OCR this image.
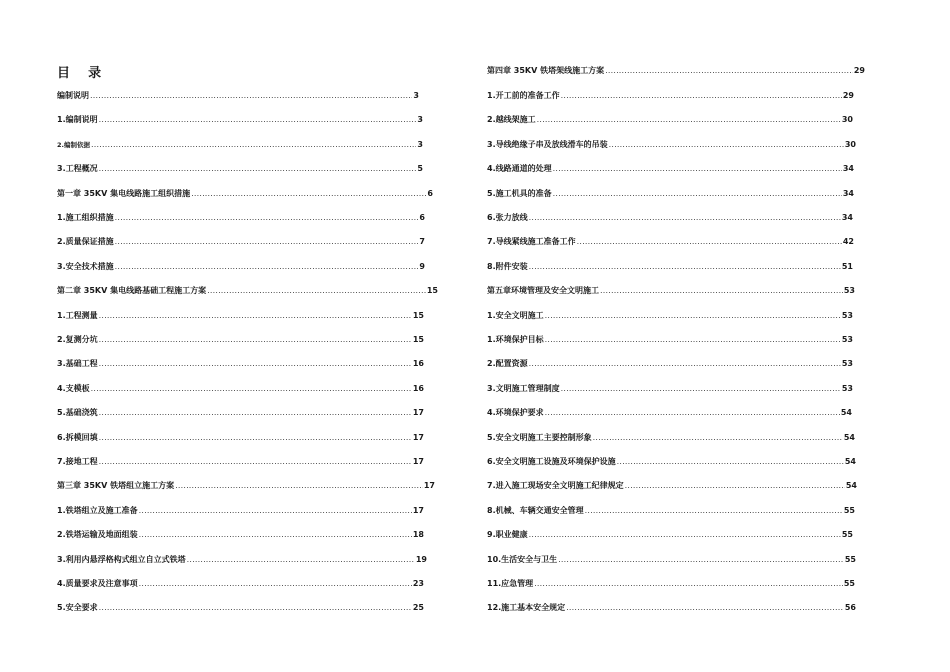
目    录
编制说明 .....	3
1.编制说明 .....	3
2.编制依据 .....	3
3.工程概况 .....	5
第一章 35KV 集电线路施工组织措施 .....	6
1.施工组织措施 .....	6
2.质量保证措施 .....	7
3.安全技术措施 .....	9
第二章 35KV 集电线路基础工程施工方案 .....	15
1.工程测量 .....	15
2.复测分坑 .....	15
3.基础工程 .....	16
4.支模板 .....	16
5.基础浇筑 .....	17
6.拆模回填 .....	17
7.接地工程 .....	17
第三章 35KV 铁塔组立施工方案 .....	17
1.铁塔组立及施工准备 .....	17
2.铁塔运输及地面组装 .....	18
3.利用内悬浮格构式组立自立式铁塔 .....	19
4.质量要求及注意事项 .....	23
5.安全要求 .....	25
第四章 35KV 铁塔架线施工方案 .....	29
1.开工前的准备工作 .....	29
2.越线架施工 .....	30
3.导线绝缘子串及放线滑车的吊装 .....	30
4.线路通道的处理 .....	34
5.施工机具的准备 .....	34
6.张力放线 .....	34
7.导线紧线施工准备工作 .....	42
8.附件安装 .....	51
第五章环境管理及安全文明施工 .....	53
1.安全文明施工 .....	53
1.环境保护目标 .....	53
2.配置资源 .....	53
3.文明施工管理制度 .....	53
4.环境保护要求 .....	54
5.安全文明施工主要控制形象 .....	54
6.安全文明施工设施及环境保护设施 .....	54
7.进入施工现场安全文明施工纪律规定 .....	54
8.机械、车辆交通安全管理 .....	55
9.职业健康 .....	55
10.生活安全与卫生 .....	55
11.应急管理 .....	55
12.施工基本安全规定 .....	56
